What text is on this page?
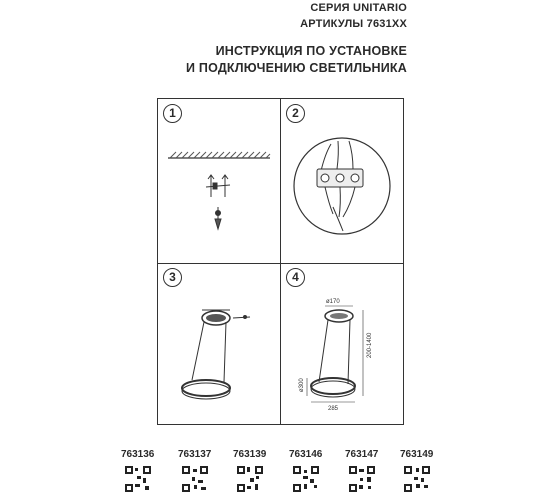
СЕРИЯ UNITARIO
АРТИКУЛЫ 7631XX
ИНСТРУКЦИЯ ПО УСТАНОВКЕ
И ПОДКЛЮЧЕНИЮ СВЕТИЛЬНИКА
1	2
3	4
ø170
200-1400
ø300
285
763136	763137	763139	763146	763147	763149
